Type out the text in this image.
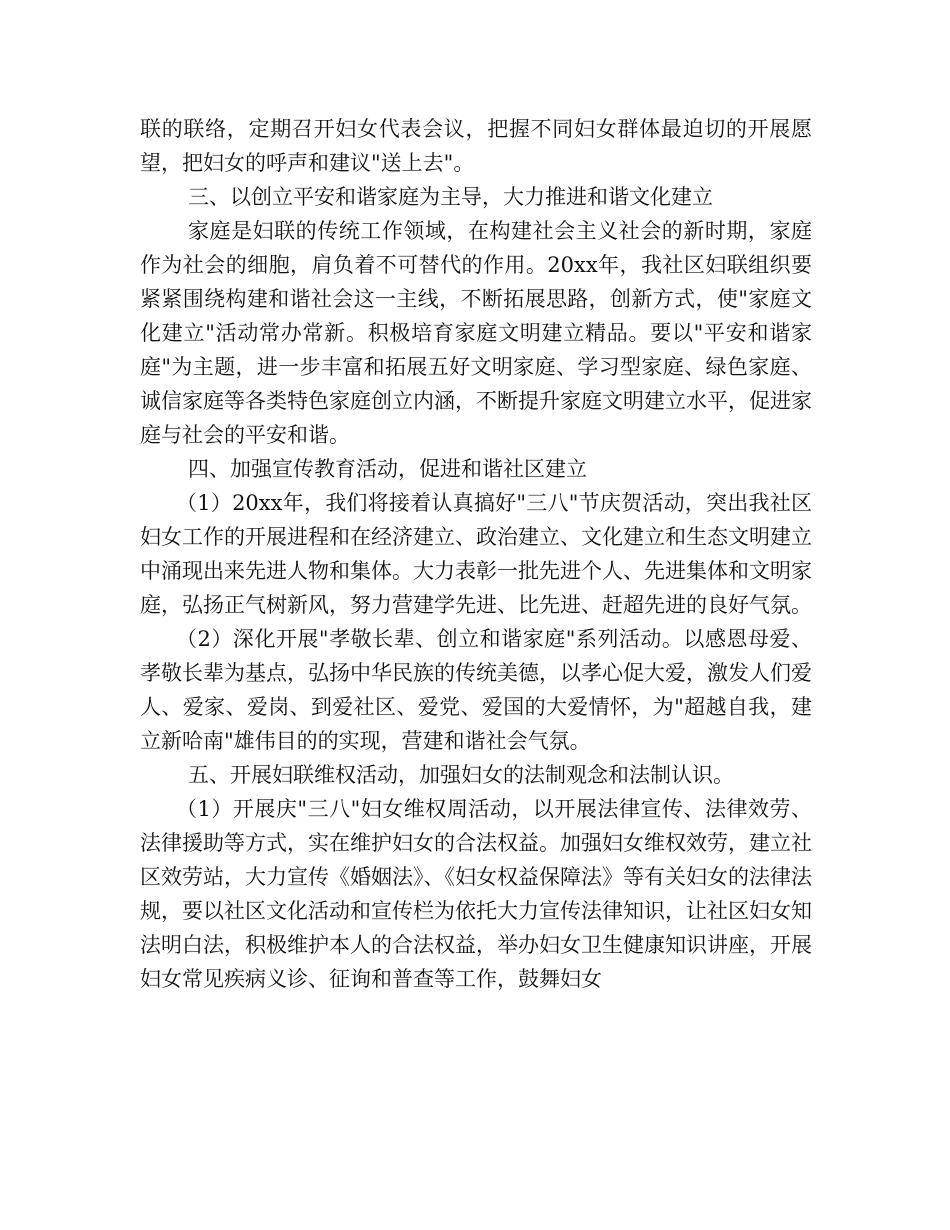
联的联络，定期召开妇女代表会议，把握不同妇女群体最迫切的开展愿望，把妇女的呼声和建议"送上去"。

三、以创立平安和谐家庭为主导，大力推进和谐文化建立

家庭是妇联的传统工作领域，在构建社会主义社会的新时期，家庭作为社会的细胞，肩负着不可替代的作用。20xx年，我社区妇联组织要紧紧围绕构建和谐社会这一主线，不断拓展思路，创新方式，使"家庭文化建立"活动常办常新。积极培育家庭文明建立精品。要以"平安和谐家庭"为主题，进一步丰富和拓展五好文明家庭、学习型家庭、绿色家庭、诚信家庭等各类特色家庭创立内涵，不断提升家庭文明建立水平，促进家庭与社会的平安和谐。

四、加强宣传教育活动，促进和谐社区建立

（1）20xx年，我们将接着认真搞好"三八"节庆贺活动，突出我社区妇女工作的开展进程和在经济建立、政治建立、文化建立和生态文明建立中涌现出来先进人物和集体。大力表彰一批先进个人、先进集体和文明家庭，弘扬正气树新风，努力营建学先进、比先进、赶超先进的良好气氛。

（2）深化开展"孝敬长辈、创立和谐家庭"系列活动。以感恩母爱、孝敬长辈为基点，弘扬中华民族的传统美德，以孝心促大爱，激发人们爱人、爱家、爱岗、到爱社区、爱党、爱国的大爱情怀，为"超越自我，建立新哈南"雄伟目的的实现，营建和谐社会气氛。

五、开展妇联维权活动，加强妇女的法制观念和法制认识。

（1）开展庆"三八"妇女维权周活动，以开展法律宣传、法律效劳、法律援助等方式，实在维护妇女的合法权益。加强妇女维权效劳，建立社区效劳站，大力宣传《婚姻法》、《妇女权益保障法》等有关妇女的法律法规，要以社区文化活动和宣传栏为依托大力宣传法律知识，让社区妇女知法明白法，积极维护本人的合法权益，举办妇女卫生健康知识讲座，开展妇女常见疾病义诊、征询和普查等工作，鼓舞妇女
